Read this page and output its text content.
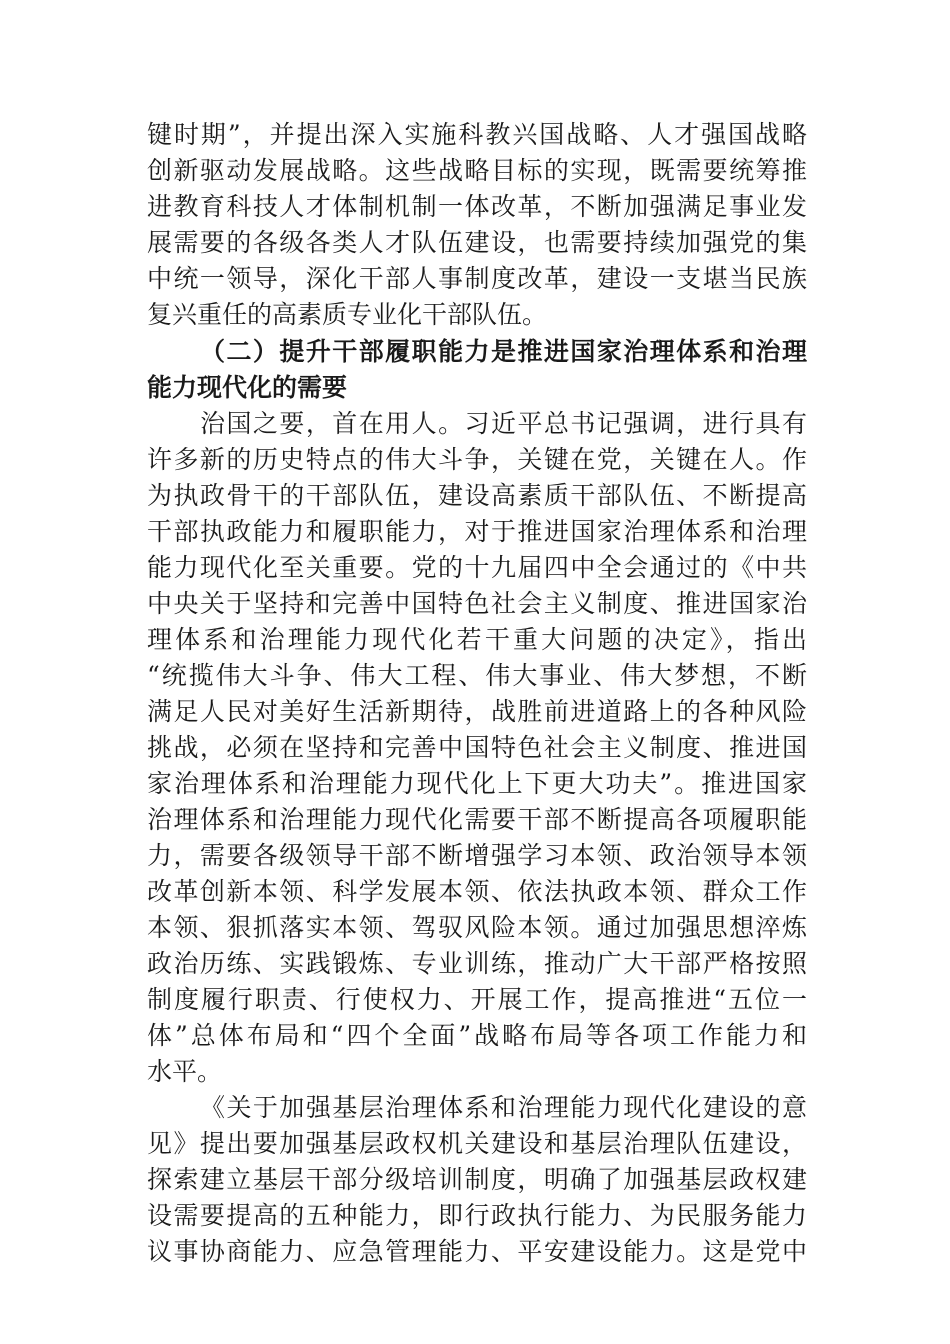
键时期”，并提出深入实施科教兴国战略、人才强国战略
创新驱动发展战略。这些战略目标的实现，既需要统筹推
进教育科技人才体制机制一体改革，不断加强满足事业发
展需要的各级各类人才队伍建设，也需要持续加强党的集
中统一领导，深化干部人事制度改革，建设一支堪当民族
复兴重任的高素质专业化干部队伍。
（二）提升干部履职能力是推进国家治理体系和治理
能力现代化的需要
治国之要，首在用人。习近平总书记强调，进行具有
许多新的历史特点的伟大斗争，关键在党，关键在人。作
为执政骨干的干部队伍，建设高素质干部队伍、不断提高
干部执政能力和履职能力，对于推进国家治理体系和治理
能力现代化至关重要。党的十九届四中全会通过的《中共
中央关于坚持和完善中国特色社会主义制度、推进国家治
理体系和治理能力现代化若干重大问题的决定》，指出
“统揽伟大斗争、伟大工程、伟大事业、伟大梦想，不断
满足人民对美好生活新期待，战胜前进道路上的各种风险
挑战，必须在坚持和完善中国特色社会主义制度、推进国
家治理体系和治理能力现代化上下更大功夫”。推进国家
治理体系和治理能力现代化需要干部不断提高各项履职能
力，需要各级领导干部不断增强学习本领、政治领导本领
改革创新本领、科学发展本领、依法执政本领、群众工作
本领、狠抓落实本领、驾驭风险本领。通过加强思想淬炼
政治历练、实践锻炼、专业训练，推动广大干部严格按照
制度履行职责、行使权力、开展工作，提高推进“五位一
体”总体布局和“四个全面”战略布局等各项工作能力和
水平。
《关于加强基层治理体系和治理能力现代化建设的意
见》提出要加强基层政权机关建设和基层治理队伍建设，
探索建立基层干部分级培训制度，明确了加强基层政权建
设需要提高的五种能力，即行政执行能力、为民服务能力
议事协商能力、应急管理能力、平安建设能力。这是党中
